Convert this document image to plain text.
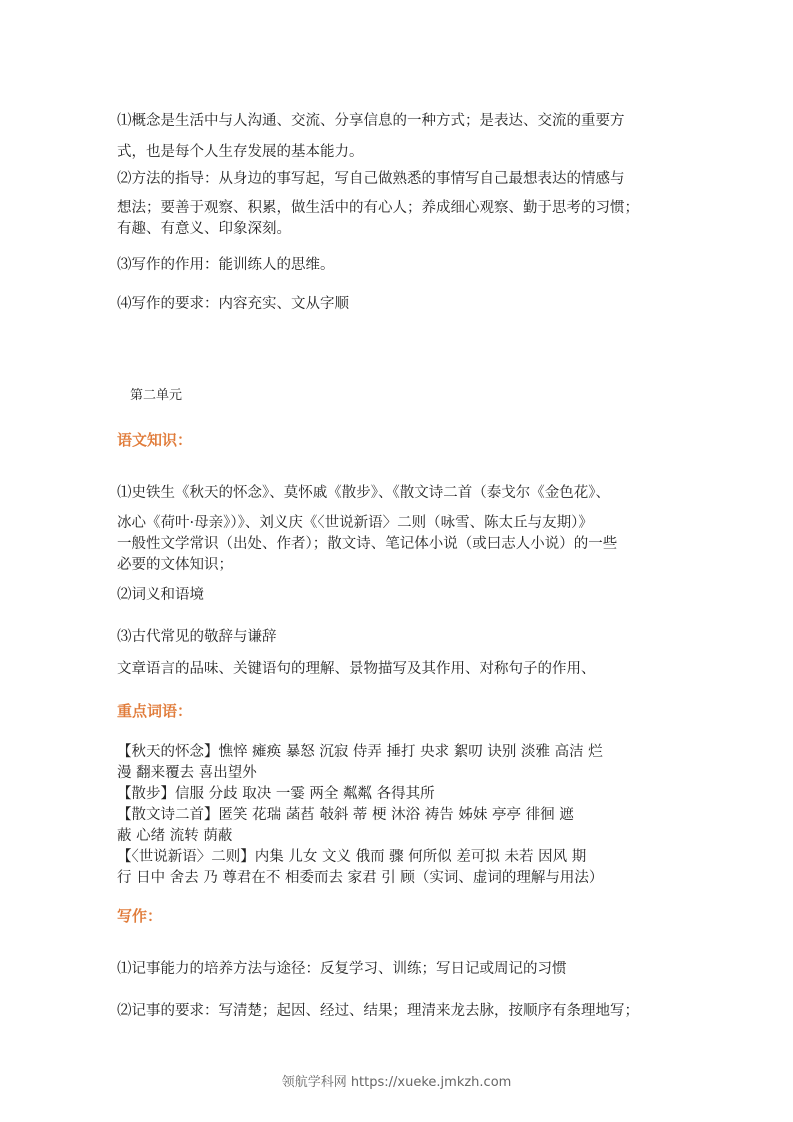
⑴概念是生活中与人沟通、交流、分享信息的一种方式；是表达、交流的重要方
式，也是每个人生存发展的基本能力。
⑵方法的指导：从身边的事写起，写自己做熟悉的事情写自己最想表达的情感与
想法；要善于观察、积累，做生活中的有心人；养成细心观察、勤于思考的习惯；
有趣、有意义、印象深刻。
⑶写作的作用：能训练人的思维。
⑷写作的要求：内容充实、文从字顺
第二单元
语文知识：
⑴史铁生《秋天的怀念》、莫怀戚《散步》、《散文诗二首（泰戈尔《金色花》、
冰心《荷叶·母亲》）》、刘义庆《〈世说新语〉二则（咏雪、陈太丘与友期）》
一般性文学常识（出处、作者）；散文诗、笔记体小说（或曰志人小说）的一些
必要的文体知识；
⑵词义和语境
⑶古代常见的敬辞与谦辞
文章语言的品味、关键语句的理解、景物描写及其作用、对称句子的作用、
重点词语：
【秋天的怀念】憔悴 瘫痪 暴怒 沉寂 侍弄 捶打 央求 絮叨 诀别 淡雅 高洁 烂
漫 翻来覆去 喜出望外
【散步】信服 分歧 取决 一霎 两全 粼粼 各得其所
【散文诗二首】匿笑 花瑞 菡萏 攲斜 蒂 梗 沐浴 祷告 姊妹 亭亭 徘徊 遮
蔽 心绪 流转 荫蔽
【〈世说新语〉二则】内集 儿女 文义 俄而 骤 何所似 差可拟 未若 因风 期
行 日中 舍去 乃 尊君在不 相委而去 家君 引 顾（实词、虚词的理解与用法）
写作：
⑴记事能力的培养方法与途径：反复学习、训练；写日记或周记的习惯
⑵记事的要求：写清楚；起因、经过、结果；理清来龙去脉，按顺序有条理地写；
领航学科网 https://xueke.jmkzh.com
